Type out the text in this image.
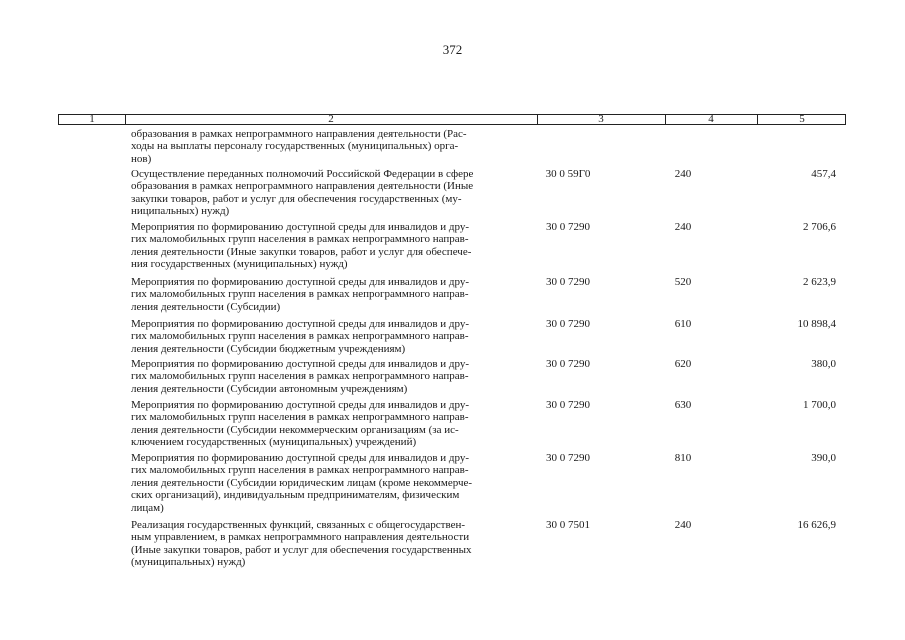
372
1	2	3	4	5
образования в рамках непрограммного направления деятельности (Рас-
ходы на выплаты персоналу государственных (муниципальных) орга-
нов)
Осуществление переданных полномочий Российской Федерации в сфере
образования в рамках непрограммного направления деятельности (Иные
закупки товаров, работ и услуг для обеспечения государственных (му-
ниципальных) нужд)
30 0 59Г0	240	457,4
Мероприятия по формированию доступной среды для инвалидов и дру-
гих маломобильных групп населения в рамках непрограммного направ-
ления деятельности (Иные закупки товаров, работ и услуг для обеспече-
ния государственных (муниципальных) нужд)
30 0 7290	240	2 706,6
Мероприятия по формированию доступной среды для инвалидов и дру-
гих маломобильных групп населения в рамках непрограммного направ-
ления деятельности (Субсидии)
30 0 7290	520	2 623,9
Мероприятия по формированию доступной среды для инвалидов и дру-
гих маломобильных групп населения в рамках непрограммного направ-
ления деятельности (Субсидии бюджетным учреждениям)
30 0 7290	610	10 898,4
Мероприятия по формированию доступной среды для инвалидов и дру-
гих маломобильных групп населения в рамках непрограммного направ-
ления деятельности (Субсидии автономным учреждениям)
30 0 7290	620	380,0
Мероприятия по формированию доступной среды для инвалидов и дру-
гих маломобильных групп населения в рамках непрограммного направ-
ления деятельности (Субсидии некоммерческим организациям (за ис-
ключением государственных (муниципальных) учреждений)
30 0 7290	630	1 700,0
Мероприятия по формированию доступной среды для инвалидов и дру-
гих маломобильных групп населения в рамках непрограммного направ-
ления деятельности (Субсидии юридическим лицам (кроме некоммерче-
ских организаций), индивидуальным предпринимателям, физическим
лицам)
30 0 7290	810	390,0
Реализация государственных функций, связанных с общегосударствен-
ным управлением, в рамках непрограммного направления деятельности
(Иные закупки товаров, работ и услуг для обеспечения государственных
(муниципальных) нужд)
30 0 7501	240	16 626,9
